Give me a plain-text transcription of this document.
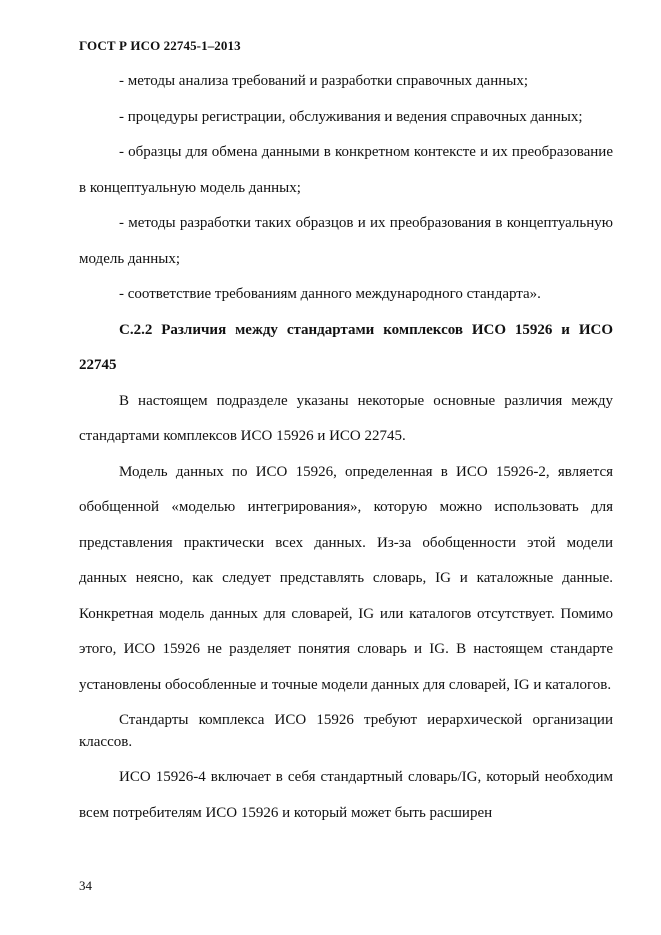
ГОСТ Р ИСО 22745-1–2013

- методы анализа требований и разработки справочных данных;

- процедуры регистрации, обслуживания и ведения справочных данных;

- образцы для обмена данными в конкретном контексте и их преобразование в концептуальную модель данных;

- методы разработки таких образцов и их преобразования в концептуальную модель данных;

- соответствие требованиям данного международного стандарта».

С.2.2 Различия между стандартами комплексов ИСО 15926 и ИСО 22745

В настоящем подразделе указаны некоторые основные различия между стандартами комплексов ИСО 15926 и ИСО 22745.

Модель данных по ИСО 15926, определенная в ИСО 15926-2, является обобщенной «моделью интегрирования», которую можно использовать для представления практически всех данных. Из-за обобщенности этой модели данных неясно, как следует представлять словарь, IG и каталожные данные. Конкретная модель данных для словарей, IG или каталогов отсутствует. Помимо этого, ИСО 15926 не разделяет понятия словарь и IG. В настоящем стандарте установлены обособленные и точные модели данных для словарей, IG и каталогов.

Стандарты комплекса ИСО 15926 требуют иерархической организации классов.

ИСО 15926-4 включает в себя стандартный словарь/IG, который необходим всем потребителям ИСО 15926 и который может быть расширен

34
